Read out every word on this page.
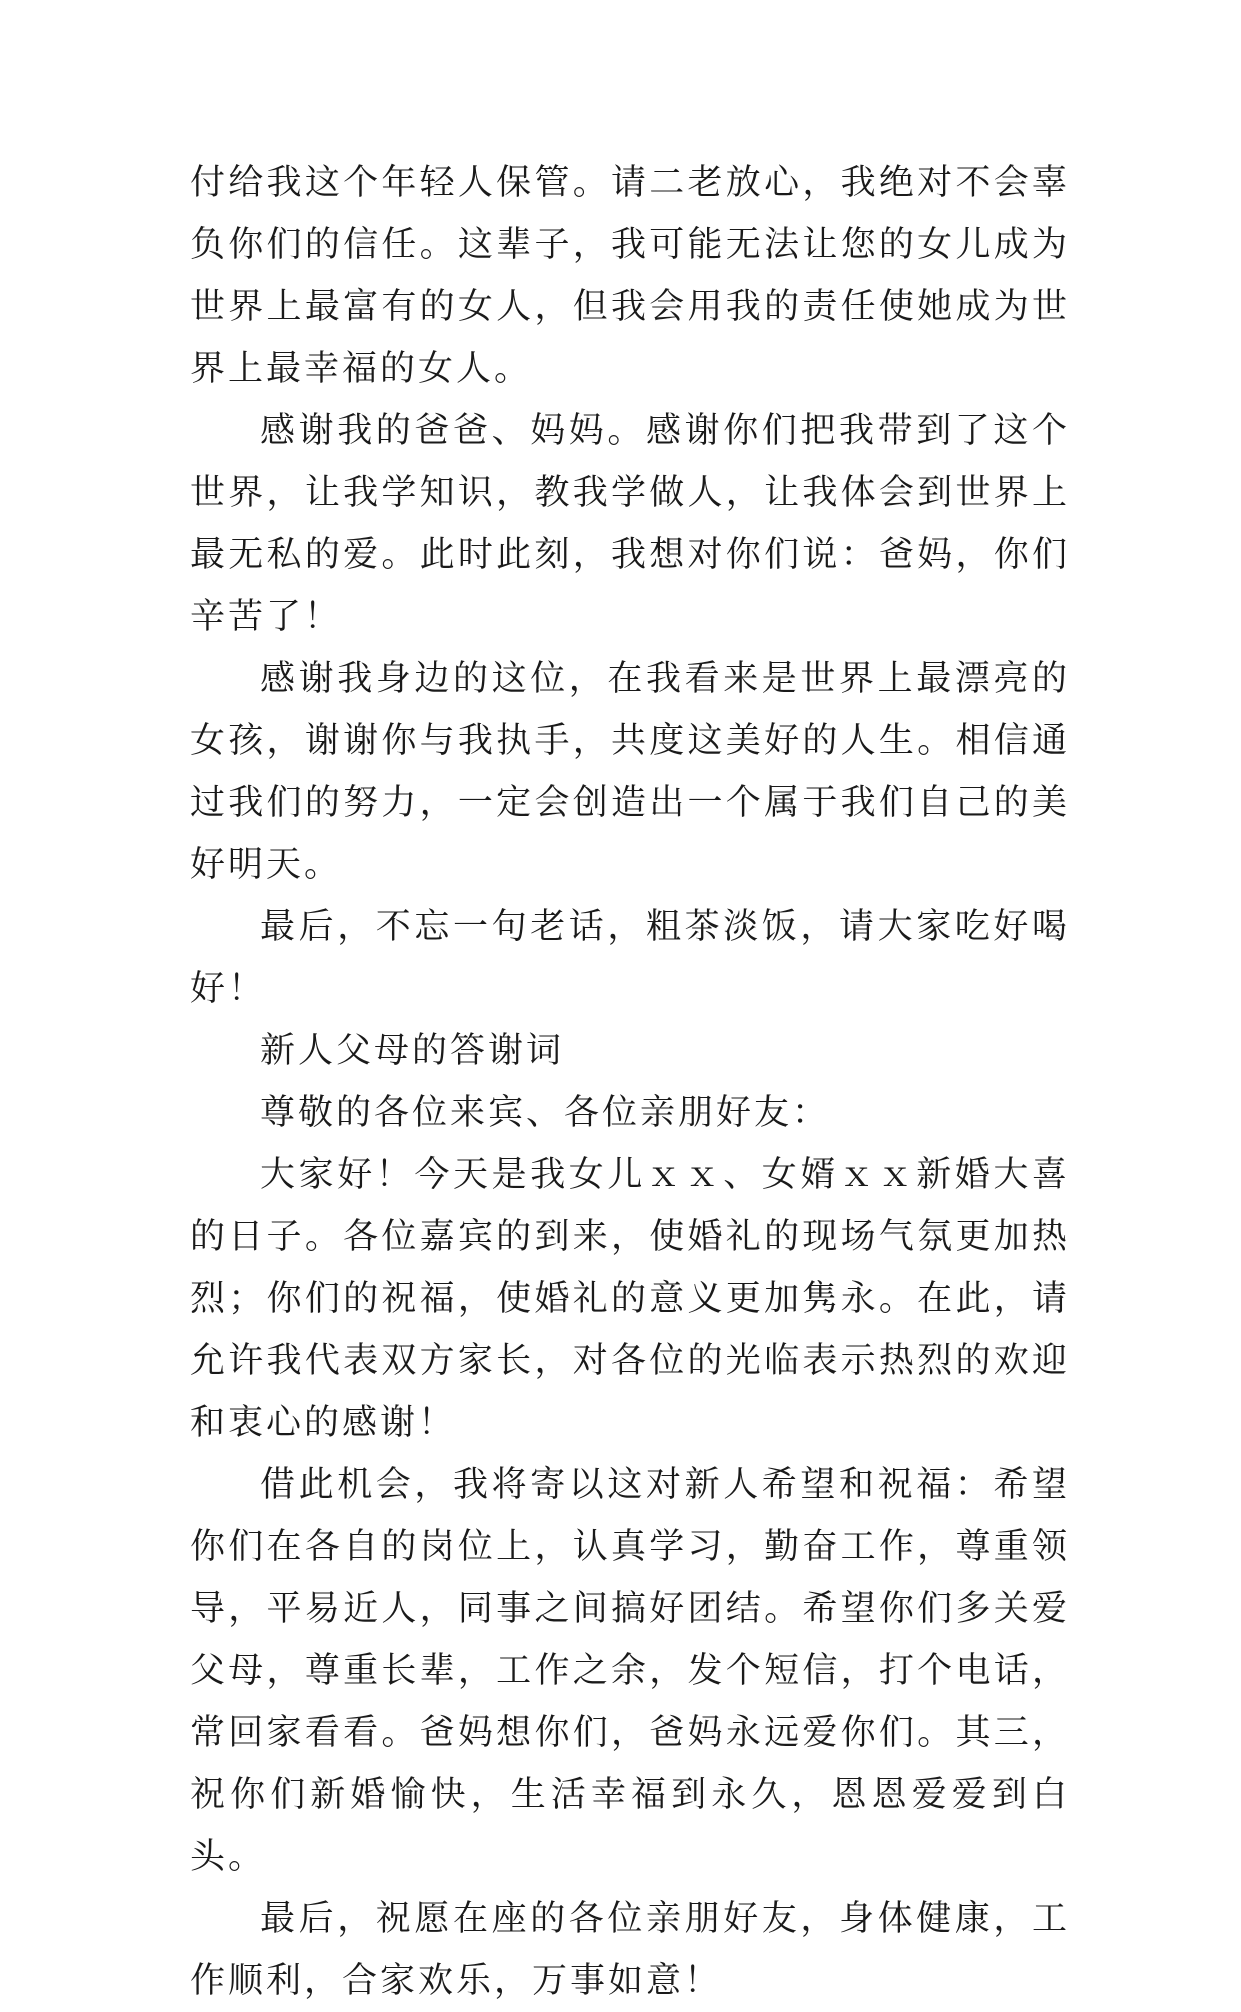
付给我这个年轻人保管。请二老放心，我绝对不会辜负你们的信任。这辈子，我可能无法让您的女儿成为世界上最富有的女人，但我会用我的责任使她成为世界上最幸福的女人。

感谢我的爸爸、妈妈。感谢你们把我带到了这个世界，让我学知识，教我学做人，让我体会到世界上最无私的爱。此时此刻，我想对你们说：爸妈，你们辛苦了！

感谢我身边的这位，在我看来是世界上最漂亮的女孩，谢谢你与我执手，共度这美好的人生。相信通过我们的努力，一定会创造出一个属于我们自己的美好明天。

最后，不忘一句老话，粗茶淡饭，请大家吃好喝好！

新人父母的答谢词

尊敬的各位来宾、各位亲朋好友：

大家好！今天是我女儿ｘｘ、女婿ｘｘ新婚大喜的日子。各位嘉宾的到来，使婚礼的现场气氛更加热烈；你们的祝福，使婚礼的意义更加隽永。在此，请允许我代表双方家长，对各位的光临表示热烈的欢迎和衷心的感谢！

借此机会，我将寄以这对新人希望和祝福：希望你们在各自的岗位上，认真学习，勤奋工作，尊重领导，平易近人，同事之间搞好团结。希望你们多关爱父母，尊重长辈，工作之余，发个短信，打个电话，常回家看看。爸妈想你们，爸妈永远爱你们。其三，祝你们新婚愉快，生活幸福到永久，恩恩爱爱到白头。

最后，祝愿在座的各位亲朋好友，身体健康，工作顺利，合家欢乐，万事如意！
